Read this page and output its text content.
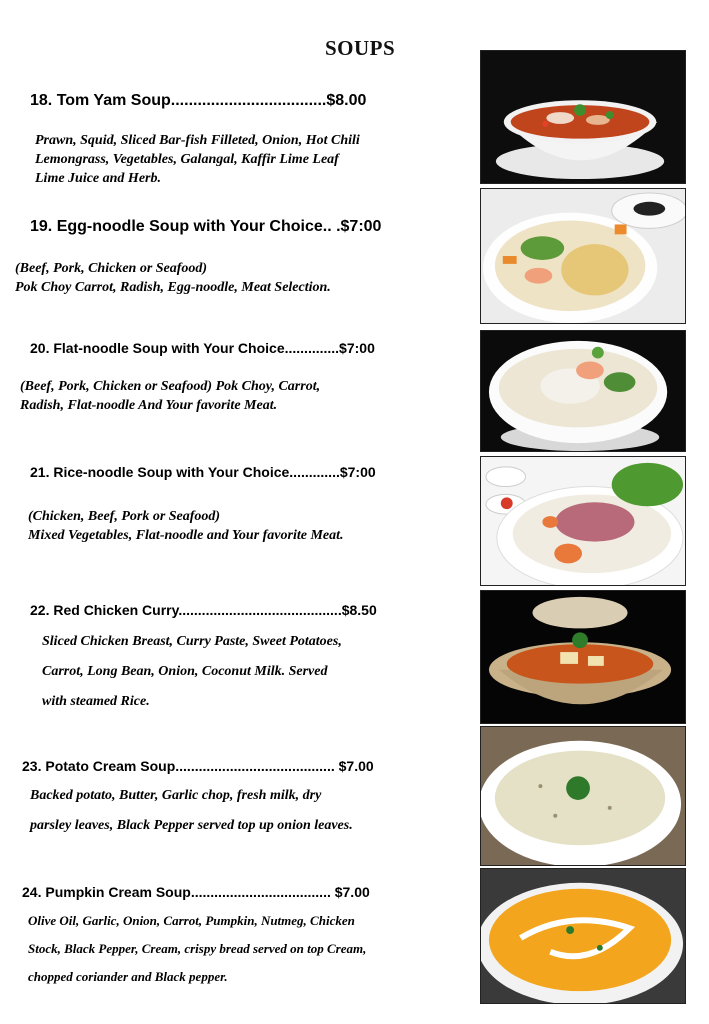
SOUPS
18. Tom Yam Soup...................................$8.00
Prawn, Squid, Sliced Bar-fish Filleted, Onion, Hot Chili
Lemongrass, Vegetables, Galangal, Kaffir Lime Leaf
Lime Juice and Herb.
19. Egg-noodle Soup with Your Choice.. .$7:00
(Beef, Pork, Chicken or Seafood)
Pok Choy Carrot, Radish, Egg-noodle, Meat Selection.
20. Flat-noodle Soup with Your Choice..............$7:00
(Beef, Pork, Chicken or Seafood) Pok Choy, Carrot,
Radish, Flat-noodle And Your favorite Meat.
21. Rice-noodle Soup with Your Choice.............$7:00
(Chicken, Beef, Pork or Seafood)
Mixed Vegetables, Flat-noodle and Your favorite Meat.
22. Red Chicken Curry..........................................$8.50
Sliced Chicken Breast, Curry Paste, Sweet Potatoes,

Carrot, Long Bean, Onion, Coconut Milk. Served

with steamed Rice.
23. Potato Cream Soup......................................... $7.00
Backed potato, Butter, Garlic chop, fresh milk, dry

parsley leaves, Black Pepper served top up onion leaves.
24. Pumpkin Cream Soup.................................... $7.00
Olive Oil, Garlic, Onion, Carrot, Pumpkin, Nutmeg, Chicken

Stock, Black Pepper, Cream, crispy bread served on top Cream,

chopped coriander and Black pepper.
